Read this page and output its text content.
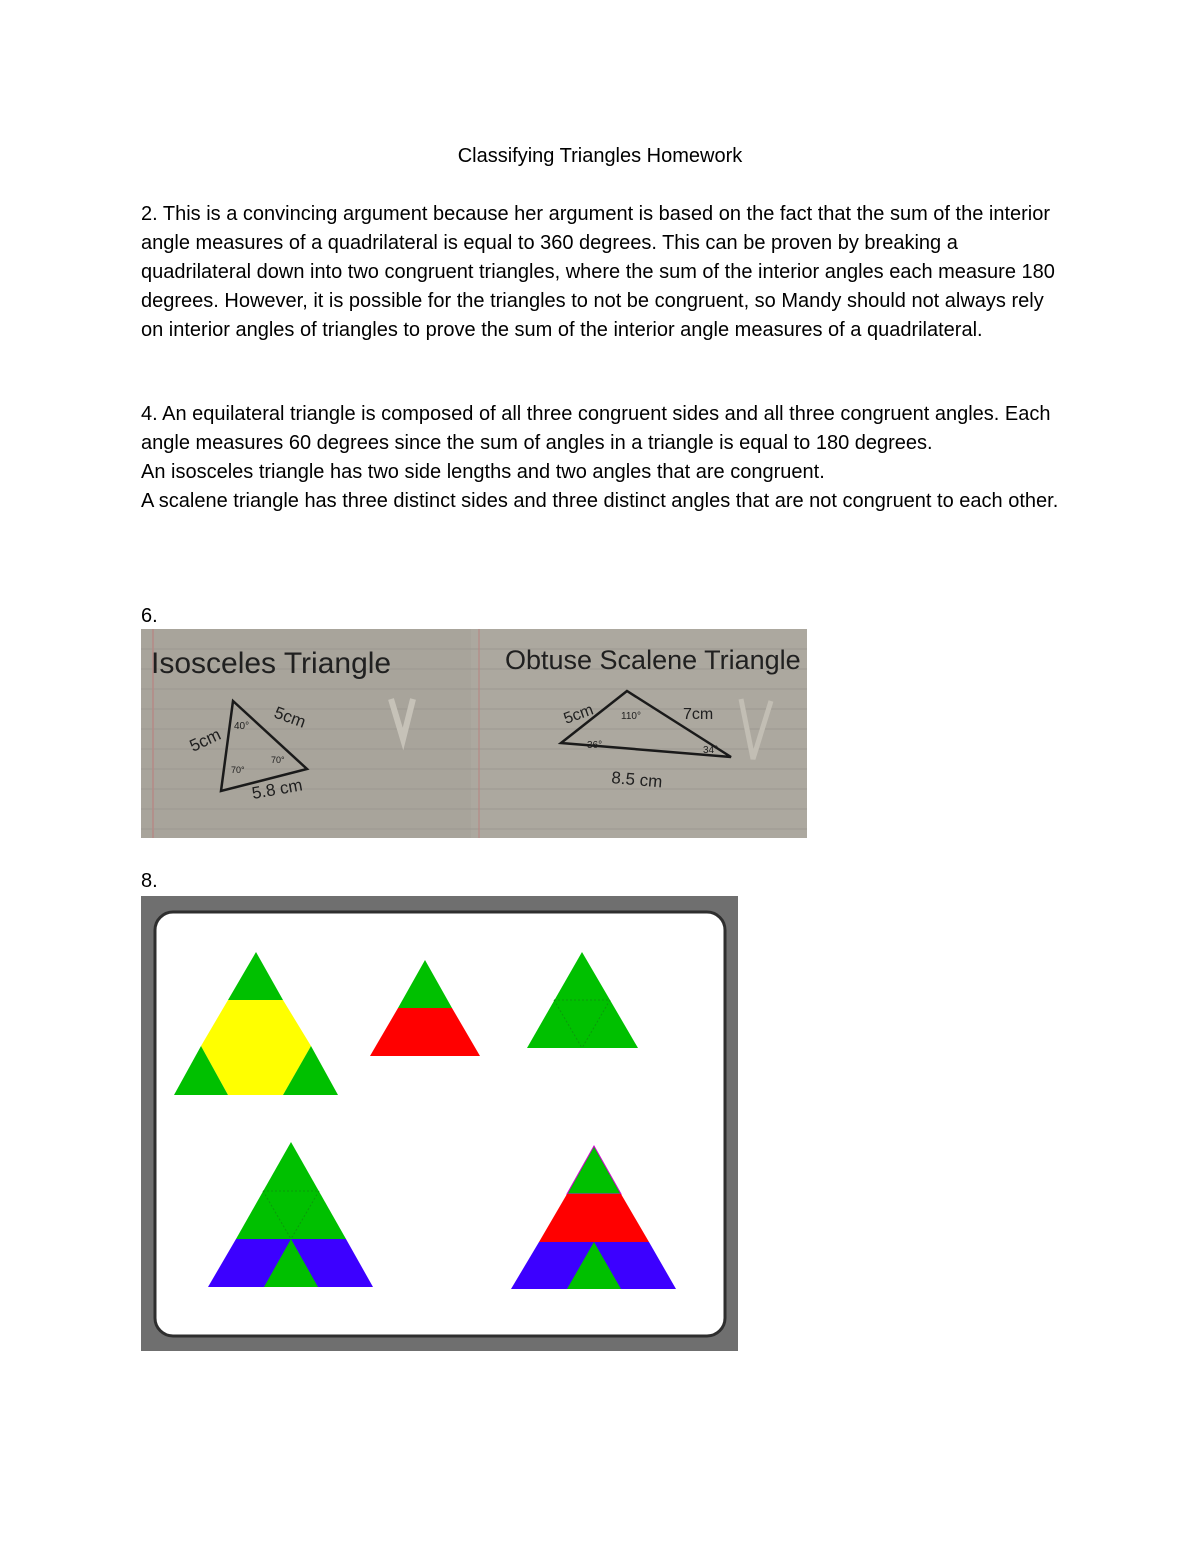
Classifying Triangles Homework

2. This is a convincing argument because her argument is based on the fact that the sum of the interior angle measures of a quadrilateral is equal to 360 degrees. This can be proven by breaking a quadrilateral down into two congruent triangles, where the sum of the interior angles each measure 180 degrees. However, it is possible for the triangles to not be congruent, so Mandy should not always rely on interior angles of triangles to prove the sum of the interior angle measures of a quadrilateral.

4. An equilateral triangle is composed of all three congruent sides and all three congruent angles. Each angle measures 60 degrees since the sum of angles in a triangle is equal to 180 degrees.

An isosceles triangle has two side lengths and two angles that are congruent.

A scalene triangle has three distinct sides and three distinct angles that are not congruent to each other.

6.
Isosceles Triangle
5cm
5cm
5.8 cm
40°
70°
70°
Obtuse Scalene Triangle
5cm	7cm
8.5 cm
110°
36°	34°
8.
